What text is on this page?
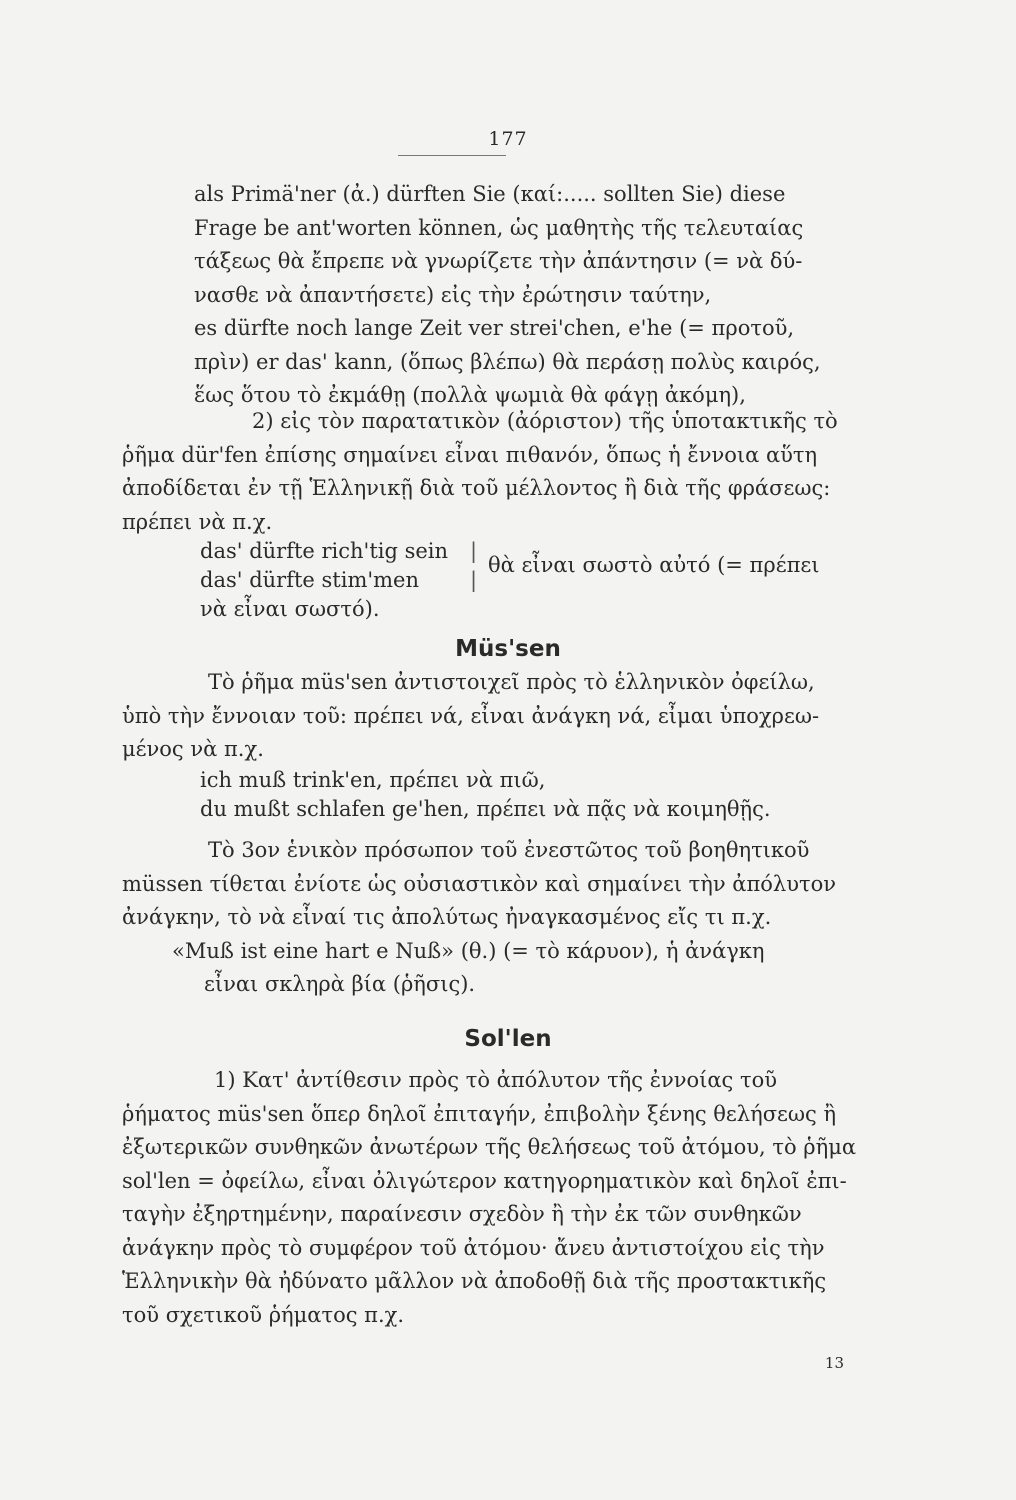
177
als Primä'ner (ἀ.) dürften Sie (καί:..... sollten Sie) diese
Frage be ant'worten können, ὡς μαθητὴς τῆς τελευταίας
τάξεως θὰ ἔπρεπε νὰ γνωρίζετε τὴν ἀπάντησιν (= νὰ δύ-
νασθε νὰ ἀπαντήσετε) εἰς τὴν ἐρώτησιν ταύτην,
es dürfte noch lange Zeit ver strei'chen, e'he (= προτοῦ,
πρὶν) er das' kann, (ὅπως βλέπω) θὰ περάσῃ πολὺς καιρός,
ἕως ὅτου τὸ ἐκμάθῃ (πολλὰ ψωμιὰ θὰ φάγῃ ἀκόμη),
2) εἰς τὸν παρατατικὸν (ἀόριστον) τῆς ὑποτακτικῆς τὸ
ῥῆμα dür'fen ἐπίσης σημαίνει εἶναι πιθανόν, ὅπως ἡ ἔννοια αὕτη
ἀποδίδεται ἐν τῇ Ἑλληνικῇ διὰ τοῦ μέλλοντος ἢ διὰ τῆς φράσεως:
πρέπει νὰ π.χ.
das' dürfte rich'tig sein
das' dürfte stim'men
|
|θὰ εἶναι σωστὸ αὐτό (= πρέπει
νὰ εἶναι σωστό).
Müs'sen
Τὸ ῥῆμα müs'sen ἀντιστοιχεῖ πρὸς τὸ ἑλληνικὸν ὀφείλω,
ὑπὸ τὴν ἔννοιαν τοῦ: πρέπει νά, εἶναι ἀνάγκη νά, εἶμαι ὑποχρεω-
μένος νὰ π.χ.
ich muß trink'en, πρέπει νὰ πιῶ,
du mußt schlafen ge'hen, πρέπει νὰ πᾷς νὰ κοιμηθῇς.
Τὸ 3ον ἑνικὸν πρόσωπον τοῦ ἐνεστῶτος τοῦ βοηθητικοῦ
müssen τίθεται ἐνίοτε ὡς οὐσιαστικὸν καὶ σημαίνει τὴν ἀπόλυτον
ἀνάγκην, τὸ νὰ εἶναί τις ἀπολύτως ἠναγκασμένος εἴς τι π.χ.
«Muß ist eine hart e Nuß» (θ.) (= τὸ κάρυον), ἡ ἀνάγκη
εἶναι σκληρὰ βία (ῥῆσις).
Sol'len
1) Κατ' ἀντίθεσιν πρὸς τὸ ἀπόλυτον τῆς ἐννοίας τοῦ
ῥήματος müs'sen ὅπερ δηλοῖ ἐπιταγήν, ἐπιβολὴν ξένης θελήσεως ἢ
ἐξωτερικῶν συνθηκῶν ἀνωτέρων τῆς θελήσεως τοῦ ἀτόμου, τὸ ῥῆμα
sol'len = ὀφείλω, εἶναι ὀλιγώτερον κατηγορηματικὸν καὶ δηλοῖ ἐπι-
ταγὴν ἐξηρτημένην, παραίνεσιν σχεδὸν ἢ τὴν ἐκ τῶν συνθηκῶν
ἀνάγκην πρὸς τὸ συμφέρον τοῦ ἀτόμου· ἄνευ ἀντιστοίχου εἰς τὴν
Ἑλληνικὴν θὰ ἠδύνατο μᾶλλον νὰ ἀποδοθῇ διὰ τῆς προστακτικῆς
τοῦ σχετικοῦ ῥήματος π.χ.
13
